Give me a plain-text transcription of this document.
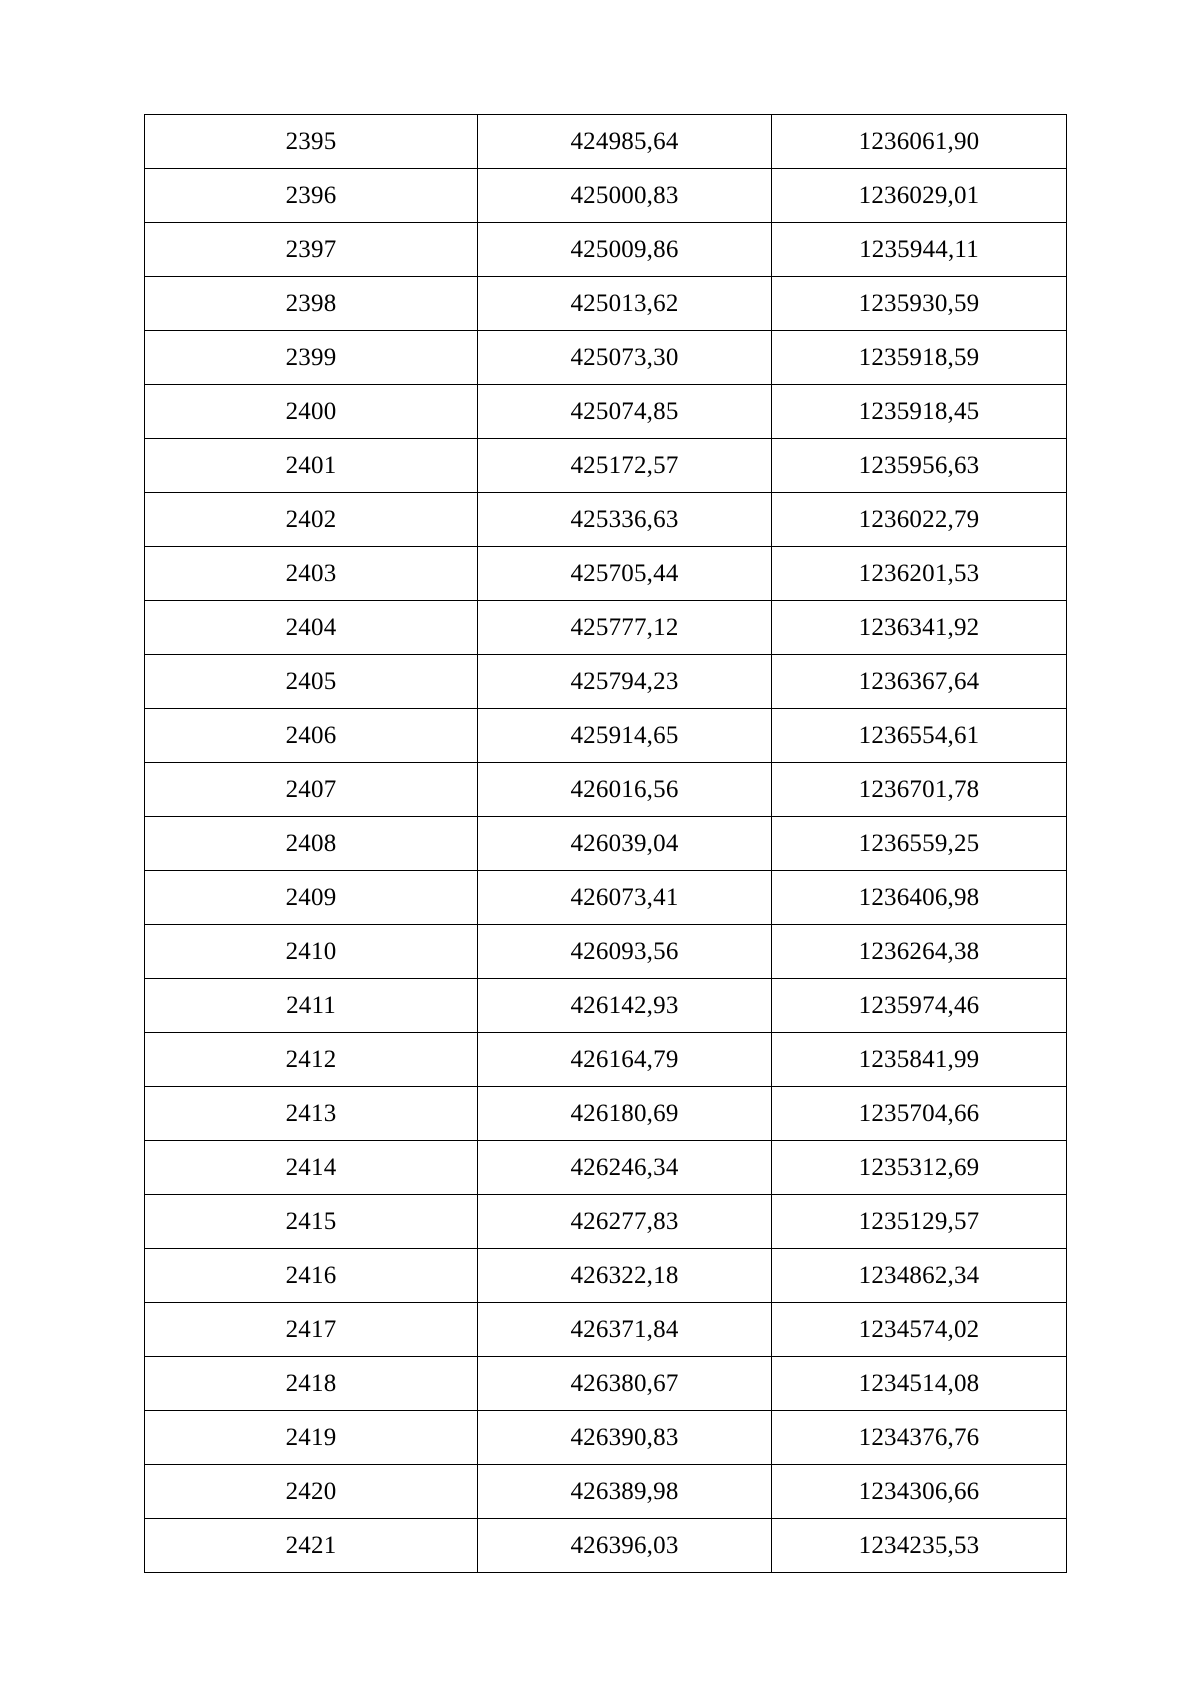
2395	424985,64	1236061,90
2396	425000,83	1236029,01
2397	425009,86	1235944,11
2398	425013,62	1235930,59
2399	425073,30	1235918,59
2400	425074,85	1235918,45
2401	425172,57	1235956,63
2402	425336,63	1236022,79
2403	425705,44	1236201,53
2404	425777,12	1236341,92
2405	425794,23	1236367,64
2406	425914,65	1236554,61
2407	426016,56	1236701,78
2408	426039,04	1236559,25
2409	426073,41	1236406,98
2410	426093,56	1236264,38
2411	426142,93	1235974,46
2412	426164,79	1235841,99
2413	426180,69	1235704,66
2414	426246,34	1235312,69
2415	426277,83	1235129,57
2416	426322,18	1234862,34
2417	426371,84	1234574,02
2418	426380,67	1234514,08
2419	426390,83	1234376,76
2420	426389,98	1234306,66
2421	426396,03	1234235,53
